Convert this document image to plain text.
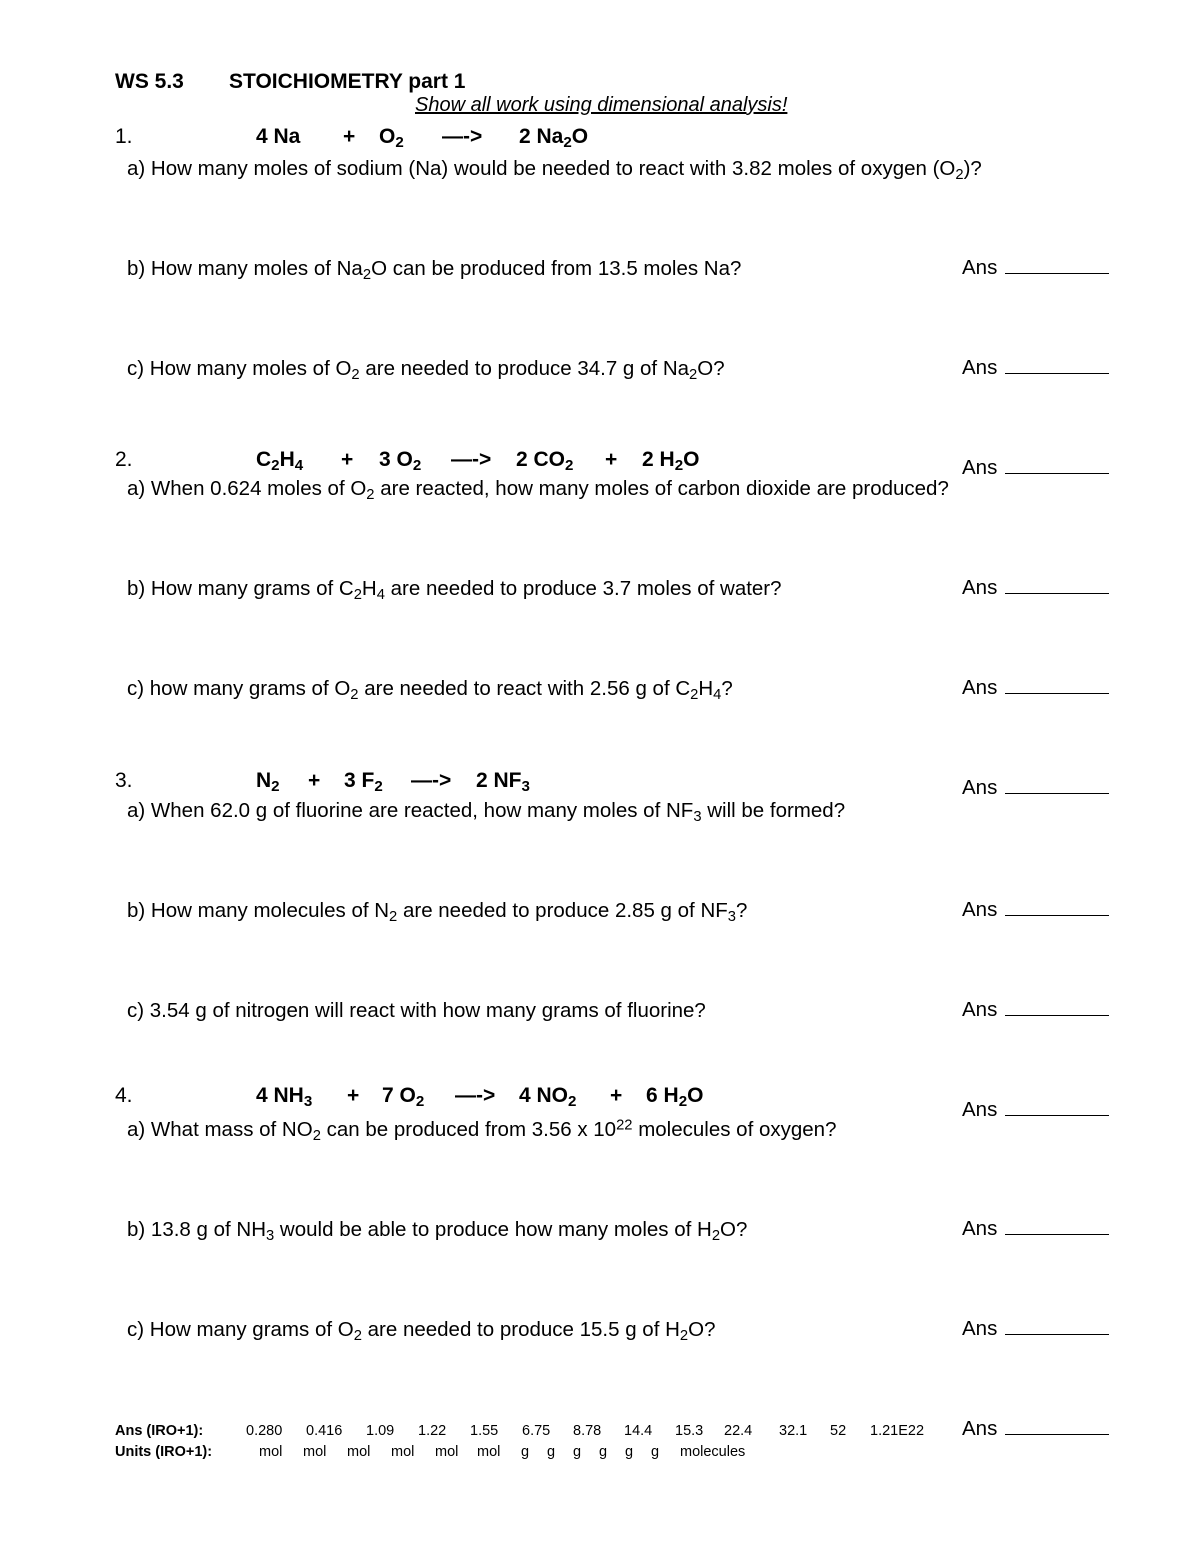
WS 5.3 STOICHIOMETRY part 1
Show all work using dimensional analysis!
1.	4 $Na + O_2$ —-> 2 $Na_2O$
a) How many moles of sodium (Na) would be needed to react with 3.82 moles of oxygen $(O_2)$?
Ans
b) How many moles of $Na_2O$ can be produced from 13.5 moles Na?
Ans
c) How many moles of $O_2$ are needed to produce 34.7 g of $Na_2O$?
Ans
2.	$C_2H_4 + 3$ $O_2$ —-> 2 $CO_2 + 2$ $H_2O$
a) When 0.624 moles of $O_2$ are reacted, how many moles of carbon dioxide are produced?
Ans
b) How many grams of $C_2H_4$ are needed to produce 3.7 moles of water?
Ans
c) how many grams of $O_2$ are needed to react with 2.56 g of $C_2H_4$?
Ans
3.	$N_2 + 3$ $F_2$ —-> 2 $NF_3$
a) When 62.0 g of fluorine are reacted, how many moles of $NF_3$ will be formed?
Ans
b) How many molecules of $N_2$ are needed to produce 2.85 g of $NF_3$?
Ans
c) 3.54 g of nitrogen will react with how many grams of fluorine?
Ans
4.	4 $NH_3 + 7$ $O_2$ —-> 4 $NO_2 + 6$ $H_2O$
a) What mass of $NO_2$ can be produced from 3.56 x $10^{22}$ molecules of oxygen?
Ans
b) 13.8 g of $NH_3$ would be able to produce how many moles of $H_2O$?
Ans
c) How many grams of $O_2$ are needed to produce 15.5 g of $H_2O$?
Ans
Ans (IRO+1):	0.280 0.416 1.09 1.22 1.55 6.75 8.78 14.4 15.3 22.4 32.1 52 1.21E22
Units (IRO+1):	mol mol mol mol mol mol g g g g g g molecules
